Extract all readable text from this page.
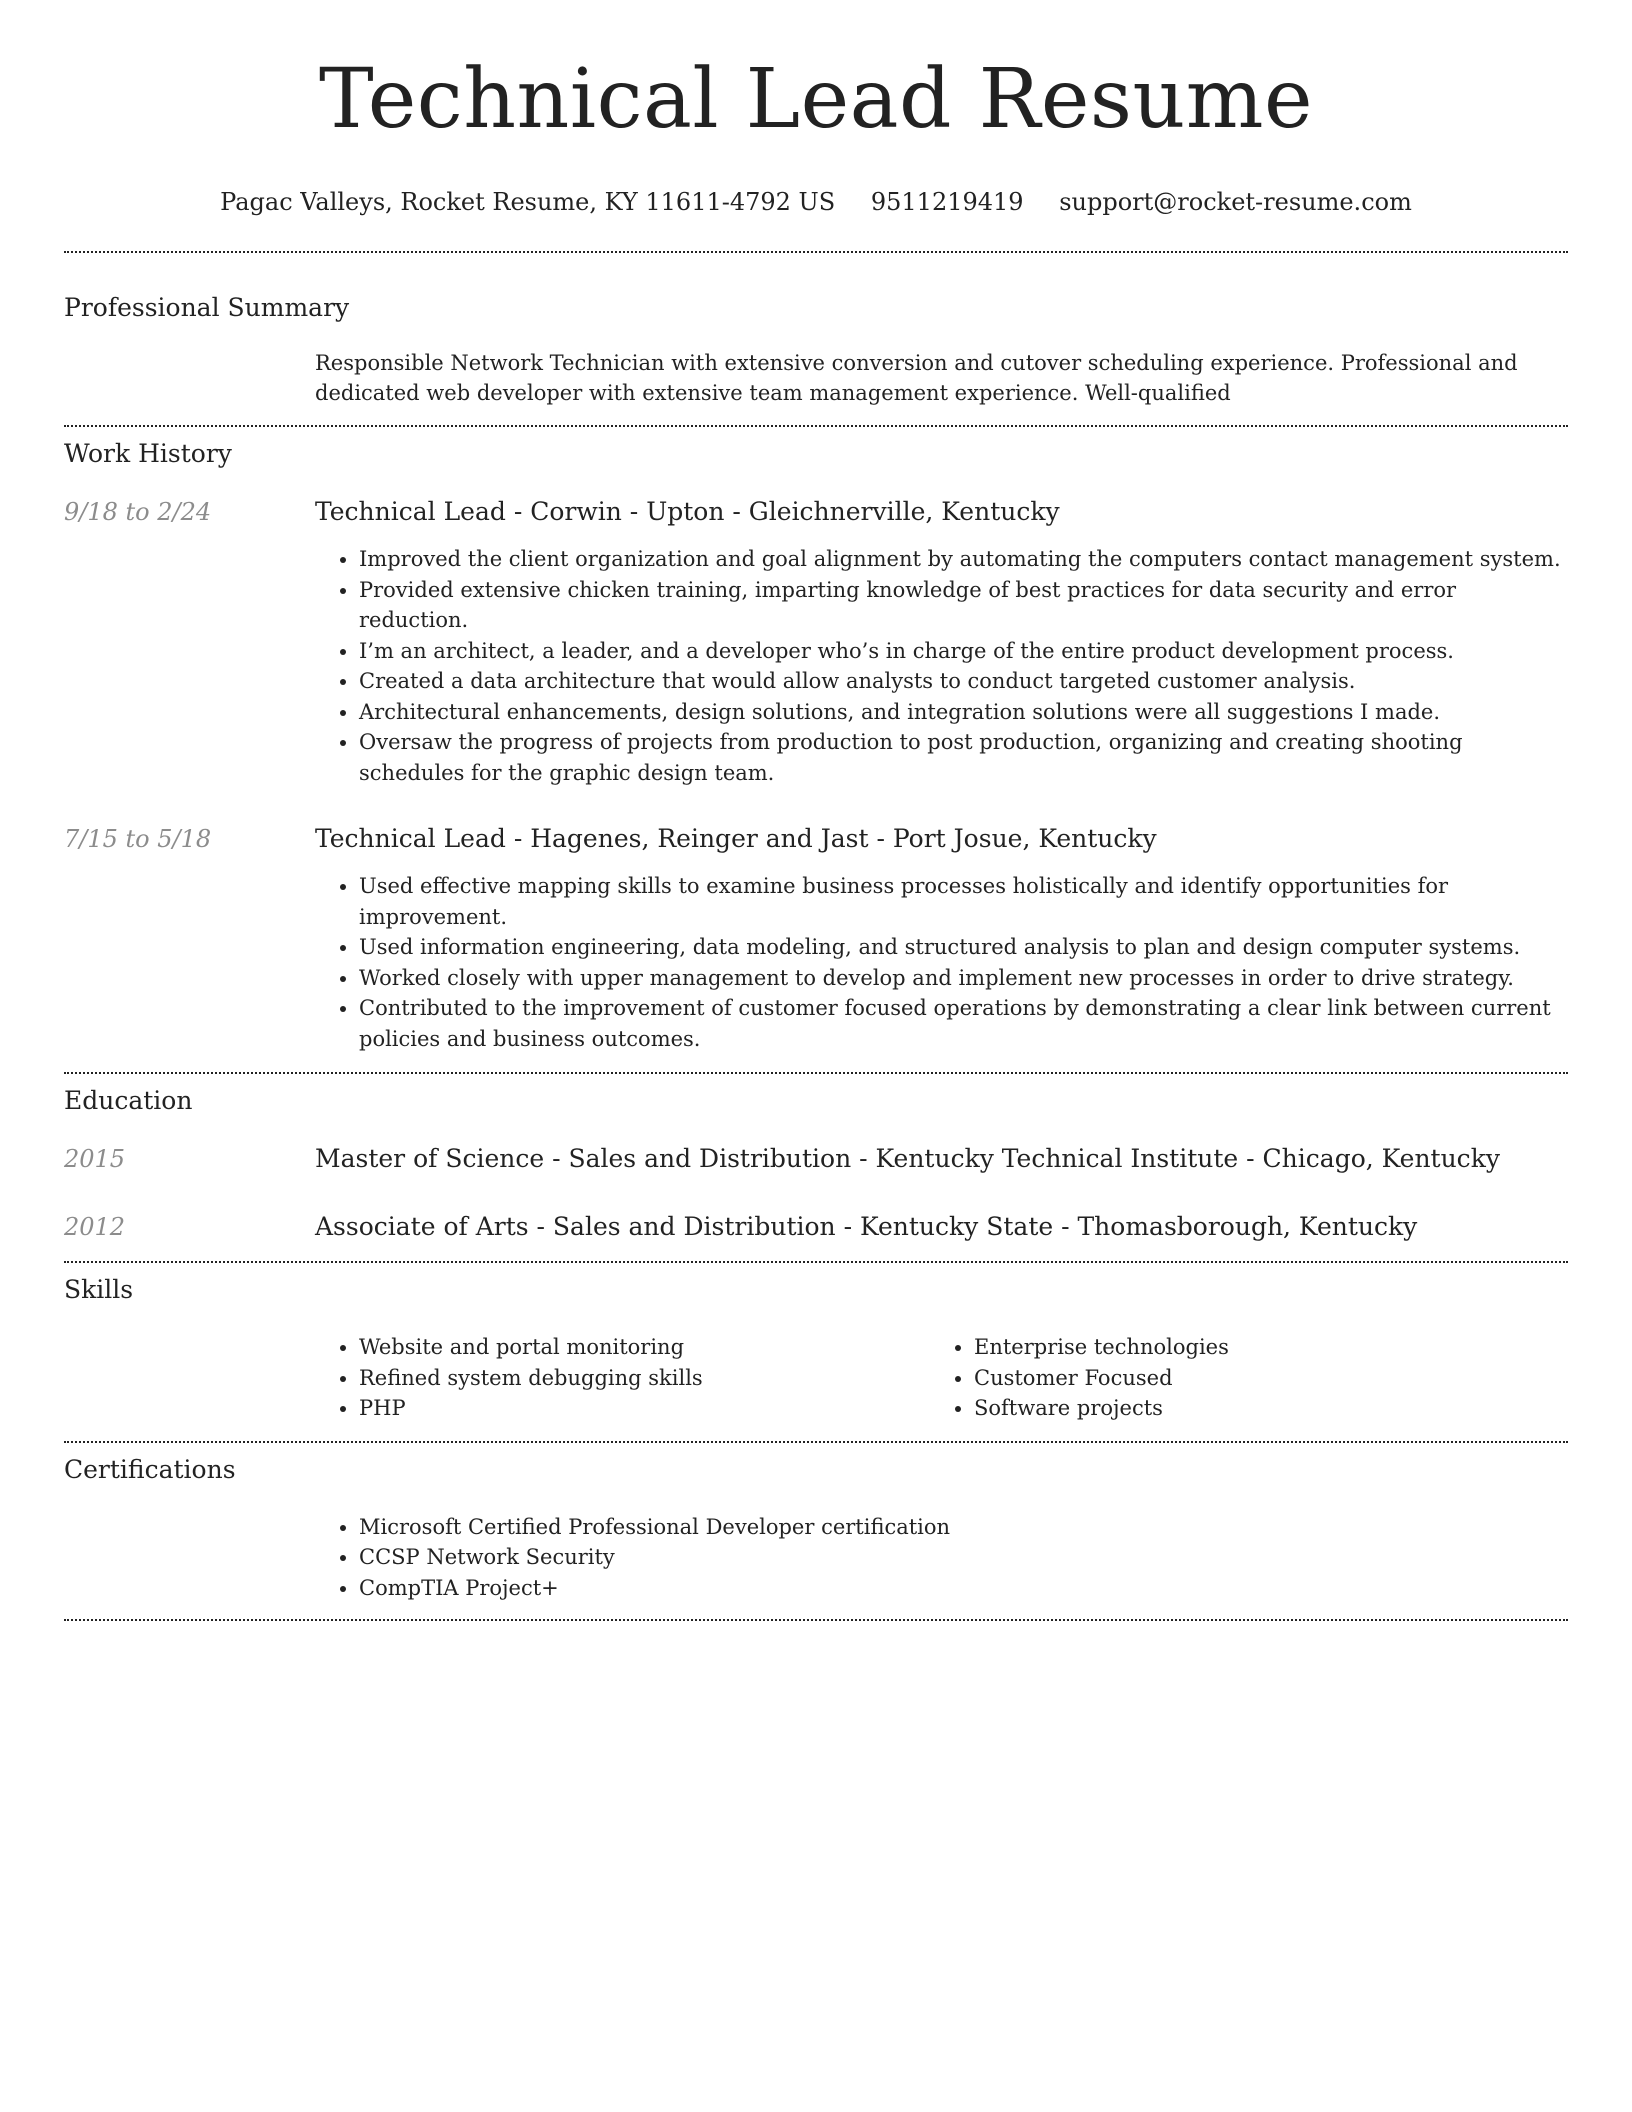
Technical Lead Resume
Pagac Valleys, Rocket Resume, KY 11611-4792 US 9511219419 support@rocket-resume.com
Professional Summary
Responsible Network Technician with extensive conversion and cutover scheduling experience. Professional and dedicated web developer with extensive team management experience. Well-qualified
Work History
9/18 to 2/24	Technical Lead - Corwin - Upton - Gleichnerville, Kentucky
• Improved the client organization and goal alignment by automating the computers contact management system.
• Provided extensive chicken training, imparting knowledge of best practices for data security and error reduction.
• I’m an architect, a leader, and a developer who’s in charge of the entire product development process.
• Created a data architecture that would allow analysts to conduct targeted customer analysis.
• Architectural enhancements, design solutions, and integration solutions were all suggestions I made.
• Oversaw the progress of projects from production to post production, organizing and creating shooting schedules for the graphic design team.
7/15 to 5/18	Technical Lead - Hagenes, Reinger and Jast - Port Josue, Kentucky
• Used effective mapping skills to examine business processes holistically and identify opportunities for improvement.
• Used information engineering, data modeling, and structured analysis to plan and design computer systems.
• Worked closely with upper management to develop and implement new processes in order to drive strategy.
• Contributed to the improvement of customer focused operations by demonstrating a clear link between current policies and business outcomes.
Education
2015	Master of Science - Sales and Distribution - Kentucky Technical Institute - Chicago, Kentucky
2012	Associate of Arts - Sales and Distribution - Kentucky State - Thomasborough, Kentucky
Skills
• Website and portal monitoring
• Refined system debugging skills
• PHP
• Enterprise technologies
• Customer Focused
• Software projects
Certifications
• Microsoft Certified Professional Developer certification
• CCSP Network Security
• CompTIA Project+
